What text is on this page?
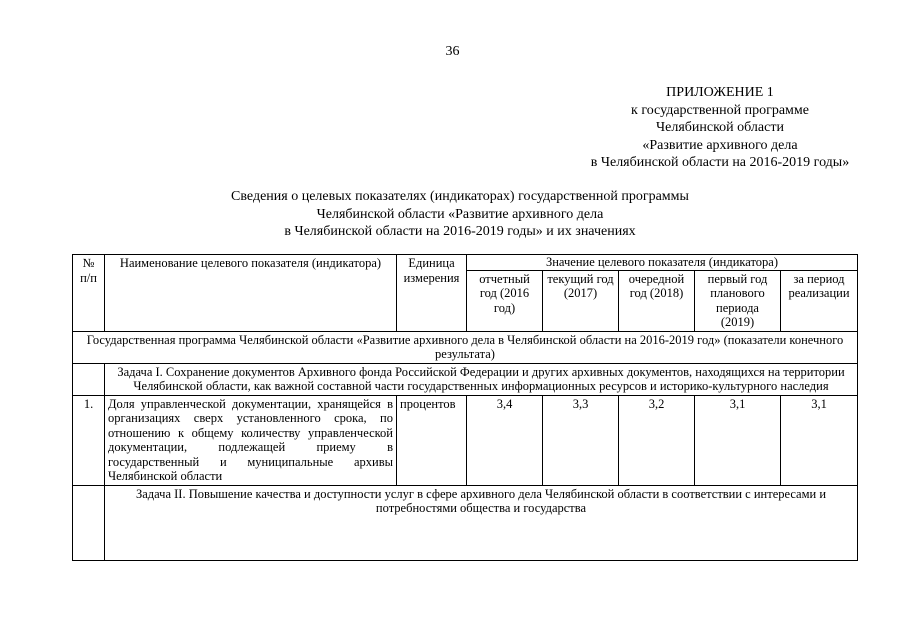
36
ПРИЛОЖЕНИЕ 1
к государственной программе
Челябинской области
«Развитие архивного дела
в Челябинской области на 2016-2019 годы»
Сведения о целевых показателях (индикаторах) государственной программы
Челябинской области «Развитие архивного дела
в Челябинской области на 2016-2019 годы» и их значениях
№ п/п	Наименование целевого показателя (индикатора)	Единица измерения	Значение целевого показателя (индикатора)				
			отчетный год (2016 год)	текущий год (2017)	очередной год (2018)	первый год планового периода (2019)	за период реализации
Государственная программа Челябинской области «Развитие архивного дела в Челябинской области на 2016-2019 год» (показатели конечного результата)							
	Задача I. Сохранение документов Архивного фонда Российской Федерации и других архивных документов, находящихся на территории Челябинской области, как важной составной части государственных информационных ресурсов и историко-культурного наследия						
1.	Доля управленческой документации, хранящейся в организациях сверх установленного срока, по отношению к общему количеству управленческой документации, подлежащей приему в государственный и муниципальные архивы Челябинской области	процентов	3,4	3,3	3,2	3,1	3,1
	Задача II. Повышение качества и доступности услуг в сфере архивного дела Челябинской области в соответствии с интересами и потребностями общества и государства						
